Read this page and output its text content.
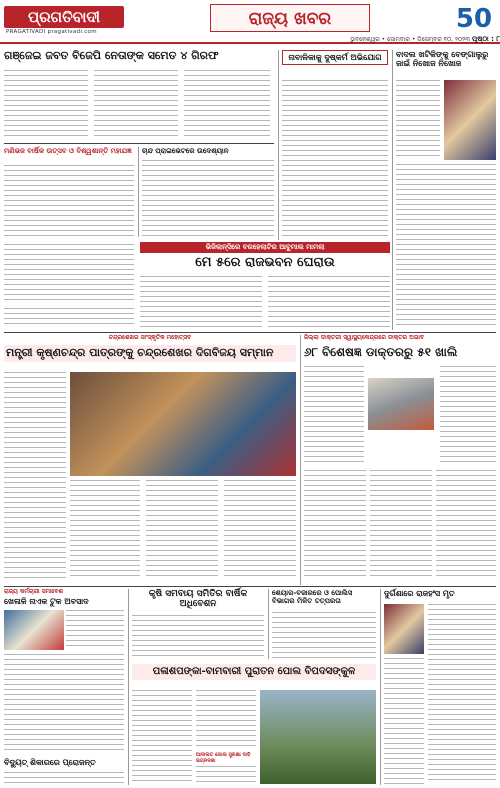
ପ୍ରଗତିବାଦୀ
PRAGATIVADI pragativadi.com
ରାଜ୍ୟ ଖବର	50
ଭୁବନେଶ୍ୱର • ସୋମବାର • ଡିସେମ୍ବର ୧୦, ୨୦୨୩ ପୃଷ୍ଠା : ୮
ଗଞ୍ଜେଇ ଜବତ ବିଜେପି ନେତାଙ୍କ ସମେତ ୪ ଗିରଫ
ମଣିଭଜ ବାର୍ଷିକ ଉତ୍ସବ ଓ ବିଶ୍ୱଶାନ୍ତି ମହାଯଜ୍ଞ	ଚାନ୍ଦ ପ୍ରାଇଭେଟରେ ଉଦେଶ୍ୟାନ
ଭିଜିଲାନ୍ସିରେ ବରହେଲାଟିର ଆବୁମାଲ ମାମଲା
ମେ ୫ରେ ରାଜଭବନ ଘେରାଉ
ନାବାଳିକାକୁ ଦୁଷ୍କର୍ମ ଅଭିଯୋଗ	ବାଦଲ ଖଟିକିଙ୍କୁ ବେଙ୍ଗାଲୁରୁ ଜାଇଁ ନିଖୋଜ ନିଖୋଜ
ଚନ୍ଦ୍ରଶେଖର ସାଂସ୍କୃତିକ ମହୋତ୍ସବ
ମନ୍ତ୍ରୀ କୃଷ୍ଣଚନ୍ଦ୍ର ପାତ୍ରଙ୍କୁ ଚନ୍ଦ୍ରଶେଖର ଦିଗବିଜୟ ସମ୍ମାନ
ଜିଲ୍ଲା ଡାକ୍ତରୀ ସ୍ୱାସ୍ଥ୍ୟକେନ୍ଦ୍ରରେ ଡାକ୍ତର ଅଭାବ
୬୮ ବିଶେଷଜ୍ଞ ଡାକ୍ତରରୁ ୫୧ ଖାଲି
ରାଜ୍ୟ କର୍ମଚାରୀ ସମାବେଶ
ଖେଳାଳି ନାଏକ ଟୁକ ଅବସାଦ
ବିଦ୍ୟୁତ୍ ଶିକାରରେ ପ୍ରୋଜନ୍ତ
କୃଷି ସମବାୟ ସମିତିର ବାର୍ଷିକ ଅଧିବେଶନ
ଶେୟାର-ବଜାରରେ ଓ ପୋଲିସ ବିଭାଗର ମିଳିତ ତତ୍ପରତା
ଦୁର୍ଗଶାରେ ରାଜହଂସ ମୃତ
ପଳାଶପଙ୍କା-ବାମବାରୀ ପୁରାତନ ପୋଲ ବିପଦସଙ୍କୁଳ
ଆଦାଲତ ପୋଲ ସୁରକ୍ଷା ଦାବି ଭଗ୍ନଦଶା
